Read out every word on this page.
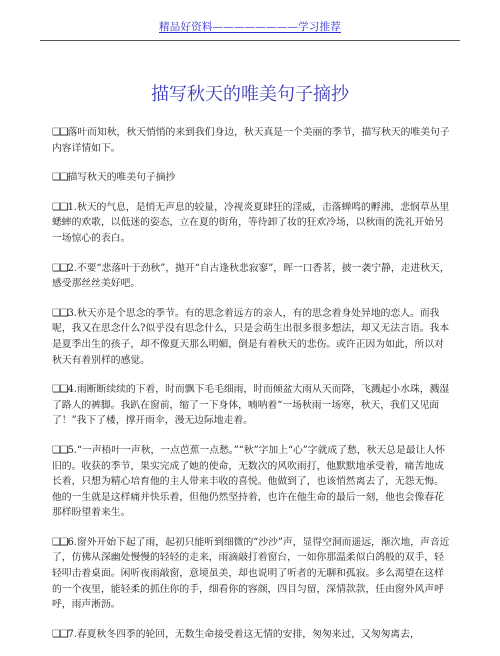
精品好资料————————学习推荐
描写秋天的唯美句子摘抄

❑❑落叶而知秋，秋天悄悄的来到我们身边，秋天真是一个美丽的季节，描写秋天的唯美句子内容详情如下。

❑❑描写秋天的唯美句子摘抄

❑❑1.秋天的气息，是悄无声息的较量，冷视炎夏肆狂的淫威，击落蝉鸣的孵沸，悲悯草丛里蟋蟀的欢歌，以低迷的姿态，立在夏的街角，等待卸了妆的狂欢冷场，以秋雨的洗礼开始另一场惊心的表白。

❑❑2.不要“悲落叶于劲秋”，抛开“自古逢秋悲寂寥”，晖一口香茗，披一袭宁静，走进秋天，感受那丝丝美好吧。

❑❑3.秋天亦是个思念的季节。有的思念着远方的亲人，有的思念着身处异地的恋人。而我呢，我又在思念什么?似乎没有思念什么，只是会萌生出很多很多想法，却又无法言语。我本是夏季出生的孩子，却不像夏天那么明媚，倒是有着秋天的悲伤。或许正因为如此，所以对秋天有着别样的感觉。

❑❑4.雨断断续续的下着，时而飘下毛毛细雨，时而倾盆大雨从天而降，飞溅起小水珠，溅湿了路人的裤脚。我趴在窗前，缩了一下身体，喃呐着“一场秋雨一场寒，秋天，我们又见面了！”我下了楼，撑开雨伞，漫无边际地走着。

❑❑5.“一声梧叶一声秋，一点芭蕉一点愁。”“秋”字加上“心”字就成了愁，秋天总是最让人怀旧的。收获的季节，果实完成了她的使命，无数次的风吹雨打，他默默地承受着，痛苦地成长着，只想为精心培育他的主人带来丰收的喜悦。他做到了，也该悄然离去了，无怨无悔。他的一生就是这样痛并快乐着，但他仍然坚持着，也许在他生命的最后一刻，他也会像春花那样盼望着来生。

❑❑6.窗外开始下起了雨，起初只能听到细微的“沙沙”声，显得空洞而遥远，渐次地，声音近了，仿佛从深幽处慢慢的轻轻的走来，雨滴敲打着窗台，一如你那温柔似白鸽般的双手，轻轻叩击着桌面。闲听夜雨敲窗，意境虽美，却也说明了听者的无聊和孤寂。多么渴望在这样的一个夜里，能轻柔的抓住你的手，细看你的容颜，四目匀留，深情款款，任由窗外风声呼呼，雨声淅沥。

❑❑7.春夏秋冬四季的轮回，无数生命接受着这无情的安排，匆匆来过，又匆匆离去，
